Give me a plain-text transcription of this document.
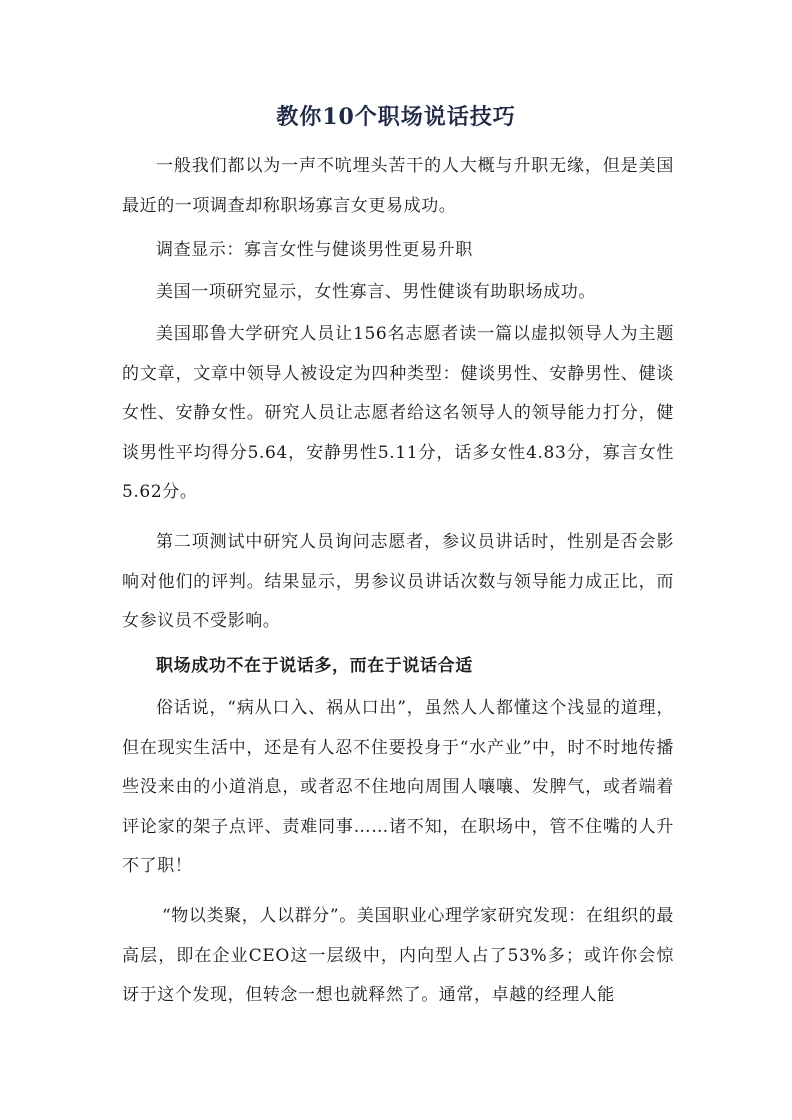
教你10个职场说话技巧

一般我们都以为一声不吭埋头苦干的人大概与升职无缘，但是美国最近的一项调查却称职场寡言女更易成功。

调查显示：寡言女性与健谈男性更易升职

美国一项研究显示，女性寡言、男性健谈有助职场成功。

美国耶鲁大学研究人员让156名志愿者读一篇以虚拟领导人为主题的文章，文章中领导人被设定为四种类型：健谈男性、安静男性、健谈女性、安静女性。研究人员让志愿者给这名领导人的领导能力打分，健谈男性平均得分5.64，安静男性5.11分，话多女性4.83分，寡言女性5.62分。

第二项测试中研究人员询问志愿者，参议员讲话时，性别是否会影响对他们的评判。结果显示，男参议员讲话次数与领导能力成正比，而女参议员不受影响。

职场成功不在于说话多，而在于说话合适

俗话说，“病从口入、祸从口出”，虽然人人都懂这个浅显的道理，但在现实生活中，还是有人忍不住要投身于“水产业”中，时不时地传播些没来由的小道消息，或者忍不住地向周围人嚷嚷、发脾气，或者端着评论家的架子点评、责难同事……诸不知，在职场中，管不住嘴的人升不了职！

“物以类聚，人以群分”。美国职业心理学家研究发现：在组织的最高层，即在企业CEO这一层级中，内向型人占了53%多；或许你会惊讶于这个发现，但转念一想也就释然了。通常，卓越的经理人能
